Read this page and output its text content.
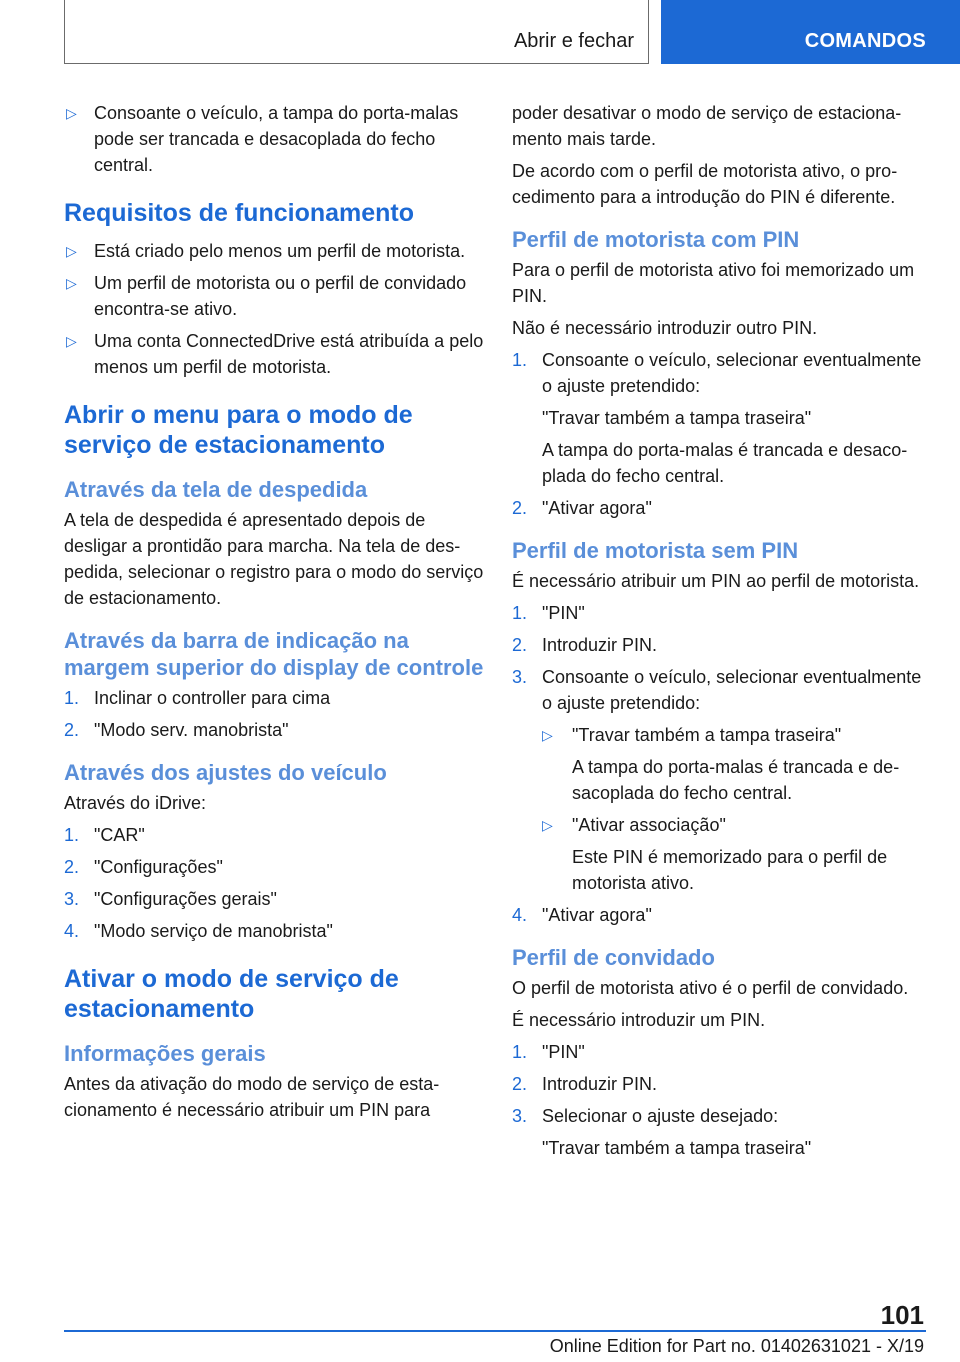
Abrir e fechar	COMANDOS
▷ Consoante o veículo, a tampa do porta-malas pode ser trancada e desacoplada do fecho central.
Requisitos de funcionamento
▷ Está criado pelo menos um perfil de motorista.
▷ Um perfil de motorista ou o perfil de convidado encontra-se ativo.
▷ Uma conta ConnectedDrive está atribuída a pelo menos um perfil de motorista.
Abrir o menu para o modo de serviço de estacionamento
Através da tela de despedida

A tela de despedida é apresentado depois de desligar a prontidão para marcha. Na tela de despedida, selecionar o registro para o modo do serviço de estacionamento.

Através da barra de indicação na margem superior do display de controle
1. Inclinar o controller para cima
2. "Modo serv. manobrista"
Através dos ajustes do veículo

Através do iDrive:

1. "CAR"
2. "Configurações"
3. "Configurações gerais"
4. "Modo serviço de manobrista"
Ativar o modo de serviço de estacionamento
Informações gerais

Antes da ativação do modo de serviço de estacionamento é necessário atribuir um PIN para

poder desativar o modo de serviço de estacionamento mais tarde.

De acordo com o perfil de motorista ativo, o procedimento para a introdução do PIN é diferente.

Perfil de motorista com PIN

Para o perfil de motorista ativo foi memorizado um PIN.

Não é necessário introduzir outro PIN.

1. Consoante o veículo, selecionar eventualmente o ajuste pretendido:
"Travar também a tampa traseira"
A tampa do porta-malas é trancada e desacoplada do fecho central.
2. "Ativar agora"
Perfil de motorista sem PIN

É necessário atribuir um PIN ao perfil de motorista.

1. "PIN"
2. Introduzir PIN.
3. Consoante o veículo, selecionar eventualmente o ajuste pretendido:
▷ "Travar também a tampa traseira"
A tampa do porta-malas é trancada e desacoplada do fecho central.
▷ "Ativar associação"
Este PIN é memorizado para o perfil de motorista ativo.
4. "Ativar agora"
Perfil de convidado

O perfil de motorista ativo é o perfil de convidado.

É necessário introduzir um PIN.

1. "PIN"
2. Introduzir PIN.
3. Selecionar o ajuste desejado:
"Travar também a tampa traseira"
101
Online Edition for Part no. 01402631021 - X/19
